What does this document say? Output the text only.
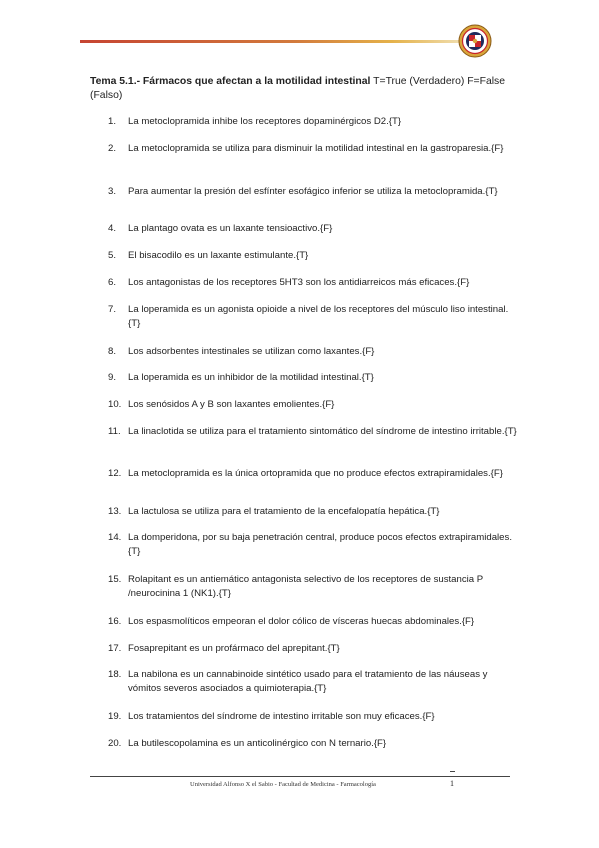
Tema 5.1.- Fármacos que afectan a la motilidad intestinal T=True (Verdadero) F=False (Falso)
1.	La metoclopramida inhibe los receptores dopaminérgicos D2.{T}
2.	La metoclopramida se utiliza para disminuir la motilidad intestinal en la gastroparesia.{F}
3.	Para aumentar la presión del esfínter esofágico inferior se utiliza la metoclopramida.{T}
4.	La plantago ovata es un laxante tensioactivo.{F}
5.	El bisacodilo es un laxante estimulante.{T}
6.	Los antagonistas de los receptores 5HT3 son los antidiarreicos más eficaces.{F}
7.	La loperamida es un agonista opioide a nivel de los receptores del músculo liso intestinal.{T}
8.	Los adsorbentes intestinales se utilizan como laxantes.{F}
9.	La loperamida es un inhibidor de la motilidad intestinal.{T}
10. Los senósidos A y B son laxantes emolientes.{F}
11. La linaclotida se utiliza para el tratamiento sintomático del síndrome de intestino irritable.{T}
12. La metoclopramida es la única ortopramida que no produce efectos extrapiramidales.{F}
13. La lactulosa se utiliza para el tratamiento de la encefalopatía hepática.{T}
14. La domperidona, por su baja penetración central, produce pocos efectos extrapiramidales.{T}
15. Rolapitant es un antiemático antagonista selectivo de los receptores de sustancia P /neurocinina 1 (NK1).{T}
16. Los espasmolíticos empeoran el dolor cólico de vísceras huecas abdominales.{F}
17. Fosaprepitant es un profármaco del aprepitant.{T}
18. La nabilona es un cannabinoide sintético usado para el tratamiento de las náuseas y vómitos severos asociados a quimioterapia.{T}
19. Los tratamientos del síndrome de intestino irritable son muy eficaces.{F}
20. La butilescopolamina es un anticolinérgico con N ternario.{F}
Universidad Alfonso X el Sabio - Facultad de Medicina - Farmacología	1
